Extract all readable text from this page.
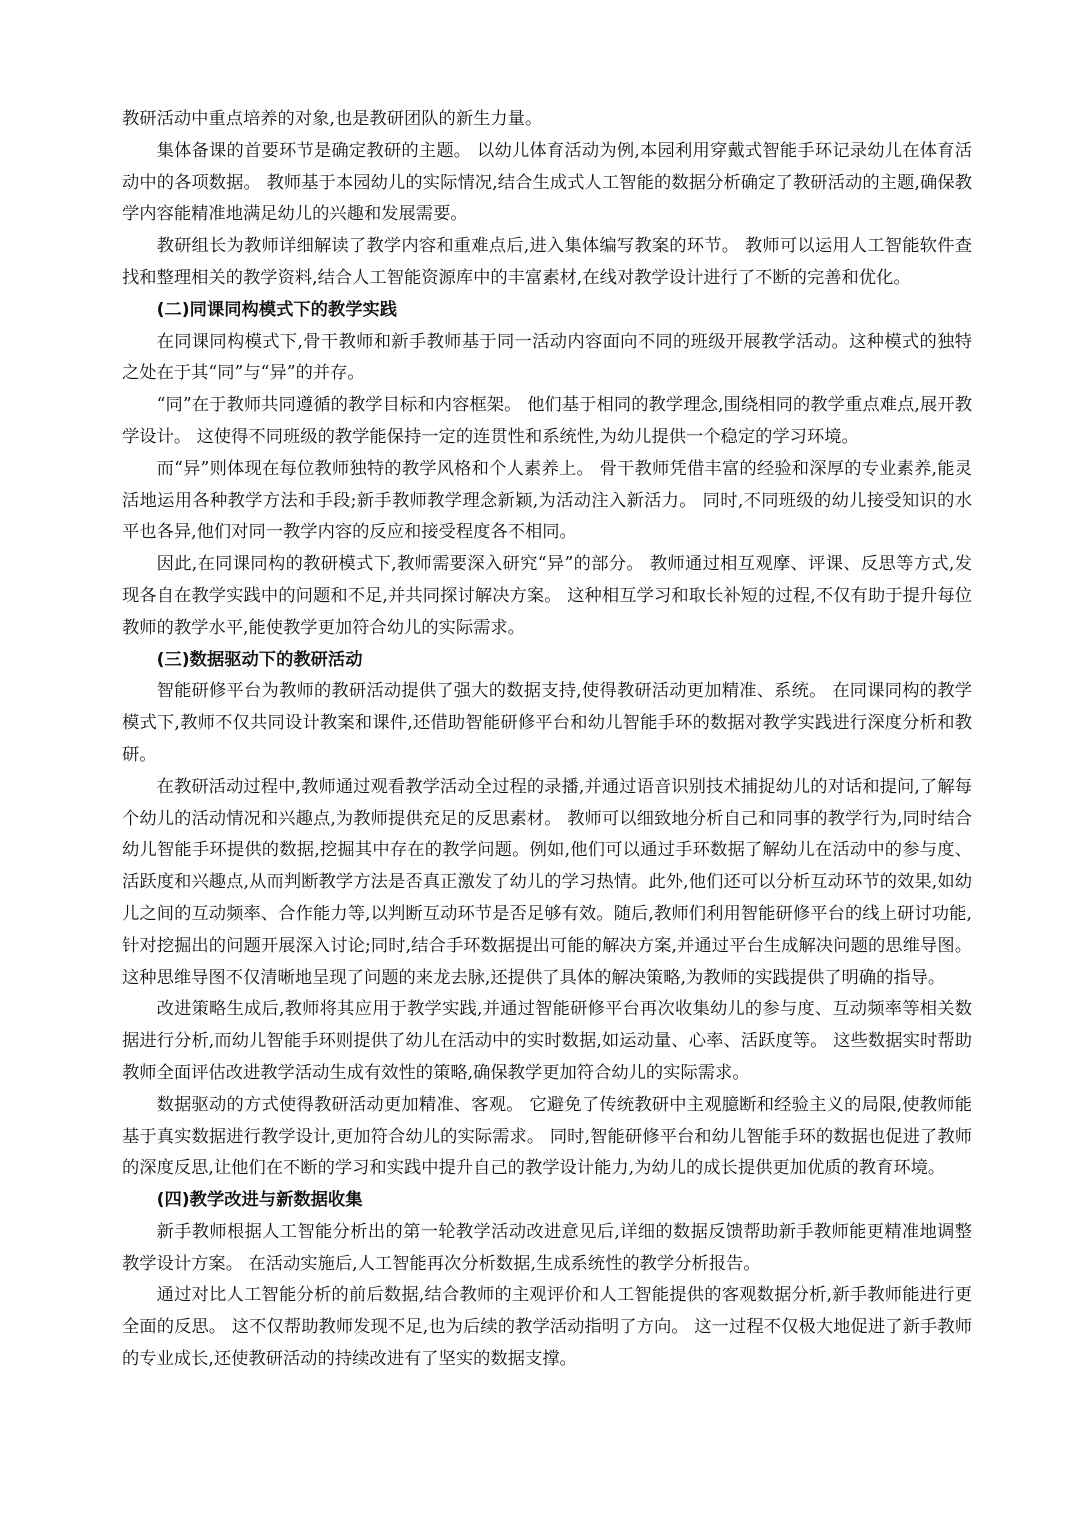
教研活动中重点培养的对象,也是教研团队的新生力量。

集体备课的首要环节是确定教研的主题。 以幼儿体育活动为例,本园利用穿戴式智能手环记录幼儿在体育活动中的各项数据。 教师基于本园幼儿的实际情况,结合生成式人工智能的数据分析确定了教研活动的主题,确保教学内容能精准地满足幼儿的兴趣和发展需要。

教研组长为教师详细解读了教学内容和重难点后,进入集体编写教案的环节。 教师可以运用人工智能软件查找和整理相关的教学资料,结合人工智能资源库中的丰富素材,在线对教学设计进行了不断的完善和优化。

(二)同课同构模式下的教学实践

在同课同构模式下,骨干教师和新手教师基于同一活动内容面向不同的班级开展教学活动。这种模式的独特之处在于其“同”与“异”的并存。

“同”在于教师共同遵循的教学目标和内容框架。 他们基于相同的教学理念,围绕相同的教学重点难点,展开教学设计。 这使得不同班级的教学能保持一定的连贯性和系统性,为幼儿提供一个稳定的学习环境。

而“异”则体现在每位教师独特的教学风格和个人素养上。 骨干教师凭借丰富的经验和深厚的专业素养,能灵活地运用各种教学方法和手段;新手教师教学理念新颖,为活动注入新活力。 同时,不同班级的幼儿接受知识的水平也各异,他们对同一教学内容的反应和接受程度各不相同。

因此,在同课同构的教研模式下,教师需要深入研究“异”的部分。 教师通过相互观摩、评课、反思等方式,发现各自在教学实践中的问题和不足,并共同探讨解决方案。 这种相互学习和取长补短的过程,不仅有助于提升每位教师的教学水平,能使教学更加符合幼儿的实际需求。

(三)数据驱动下的教研活动

智能研修平台为教师的教研活动提供了强大的数据支持,使得教研活动更加精准、系统。 在同课同构的教学模式下,教师不仅共同设计教案和课件,还借助智能研修平台和幼儿智能手环的数据对教学实践进行深度分析和教研。

在教研活动过程中,教师通过观看教学活动全过程的录播,并通过语音识别技术捕捉幼儿的对话和提问,了解每个幼儿的活动情况和兴趣点,为教师提供充足的反思素材。 教师可以细致地分析自己和同事的教学行为,同时结合幼儿智能手环提供的数据,挖掘其中存在的教学问题。例如,他们可以通过手环数据了解幼儿在活动中的参与度、活跃度和兴趣点,从而判断教学方法是否真正激发了幼儿的学习热情。此外,他们还可以分析互动环节的效果,如幼儿之间的互动频率、合作能力等,以判断互动环节是否足够有效。随后,教师们利用智能研修平台的线上研讨功能,针对挖掘出的问题开展深入讨论;同时,结合手环数据提出可能的解决方案,并通过平台生成解决问题的思维导图。 这种思维导图不仅清晰地呈现了问题的来龙去脉,还提供了具体的解决策略,为教师的实践提供了明确的指导。

改进策略生成后,教师将其应用于教学实践,并通过智能研修平台再次收集幼儿的参与度、互动频率等相关数据进行分析,而幼儿智能手环则提供了幼儿在活动中的实时数据,如运动量、心率、活跃度等。 这些数据实时帮助教师全面评估改进教学活动生成有效性的策略,确保教学更加符合幼儿的实际需求。

数据驱动的方式使得教研活动更加精准、客观。 它避免了传统教研中主观臆断和经验主义的局限,使教师能基于真实数据进行教学设计,更加符合幼儿的实际需求。 同时,智能研修平台和幼儿智能手环的数据也促进了教师的深度反思,让他们在不断的学习和实践中提升自己的教学设计能力,为幼儿的成长提供更加优质的教育环境。

(四)教学改进与新数据收集

新手教师根据人工智能分析出的第一轮教学活动改进意见后,详细的数据反馈帮助新手教师能更精准地调整教学设计方案。 在活动实施后,人工智能再次分析数据,生成系统性的教学分析报告。

通过对比人工智能分析的前后数据,结合教师的主观评价和人工智能提供的客观数据分析,新手教师能进行更全面的反思。 这不仅帮助教师发现不足,也为后续的教学活动指明了方向。 这一过程不仅极大地促进了新手教师的专业成长,还使教研活动的持续改进有了坚实的数据支撑。
